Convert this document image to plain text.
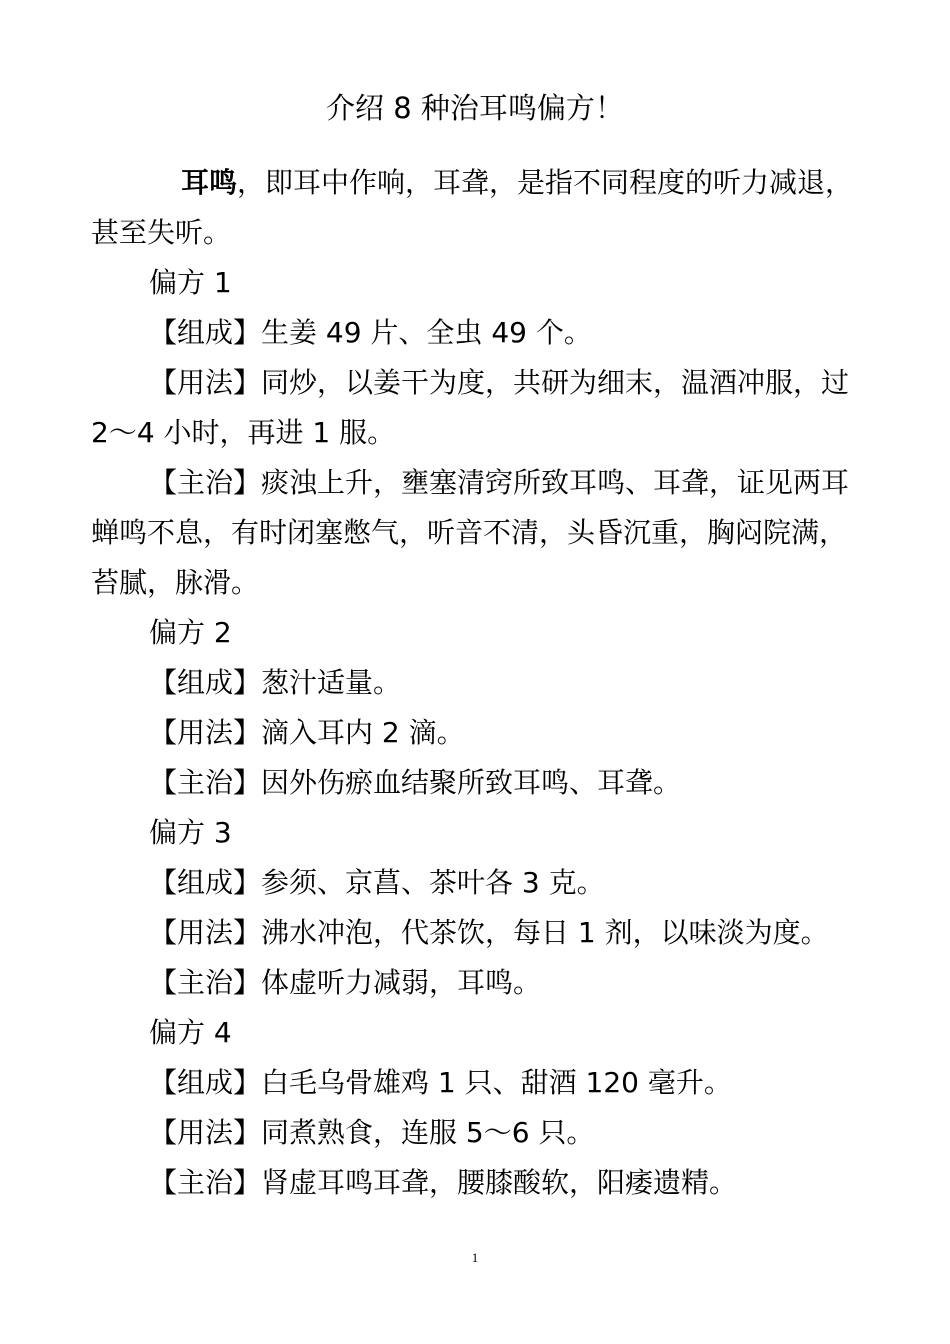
介绍 8 种治耳鸣偏方！
耳鸣，即耳中作响，耳聋，是指不同程度的听力减退，
甚至失听。
偏方 1
【组成】生姜 49 片、全虫 49 个。
【用法】同炒，以姜干为度，共研为细末，温酒冲服，过
2～4 小时，再进 1 服。
【主治】痰浊上升，壅塞清窍所致耳鸣、耳聋，证见两耳
蝉鸣不息，有时闭塞憋气，听音不清，头昏沉重，胸闷院满，
苔腻，脉滑。
偏方 2
【组成】葱汁适量。
【用法】滴入耳内 2 滴。
【主治】因外伤瘀血结聚所致耳鸣、耳聋。
偏方 3
【组成】参须、京菖、茶叶各 3 克。
【用法】沸水冲泡，代茶饮，每日 1 剂，以味淡为度。
【主治】体虚听力减弱，耳鸣。
偏方 4
【组成】白毛乌骨雄鸡 1 只、甜酒 120 毫升。
【用法】同煮熟食，连服 5～6 只。
【主治】肾虚耳鸣耳聋，腰膝酸软，阳痿遗精。
1
